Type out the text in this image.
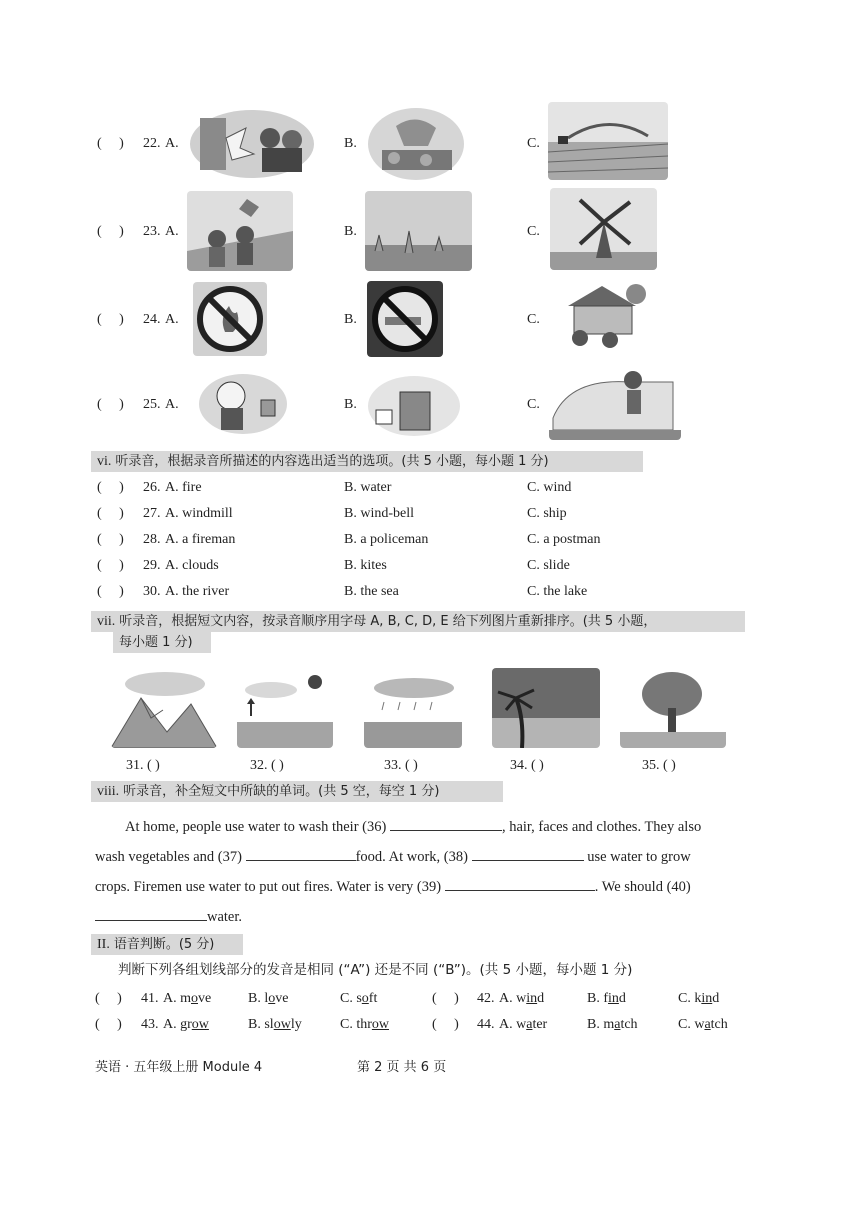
(     ) 22. A.	B.	C.
(     ) 23. A.	B.	C.
(     ) 24. A.	B.	C.
(     ) 25. A.	B.	C.
vi. 听录音，根据录音所描述的内容选出适当的选项。(共 5 小题，每小题 1 分)
(     ) 26. A. fire	B. water	C. wind
(     ) 27. A. windmill	B. wind-bell	C. ship
(     ) 28. A. a fireman	B. a policeman	C. a postman
(     ) 29. A. clouds	B. kites	C. slide
(     ) 30. A. the river	B. the sea	C. the lake
vii. 听录音，根据短文内容，按录音顺序用字母 A, B, C, D, E 给下列图片重新排序。(共 5 小题，
每小题 1 分)
31. ( )	32. ( )	33. ( )	34. ( )	35. ( )
viii. 听录音，补全短文中所缺的单词。(共 5 空，每空 1 分)
At home, people use water to wash their (36)	, hair, faces and clothes. They also
wash vegetables and (37)	food. At work, (38)	use water to grow
crops. Firemen use water to put out fires. Water is very (39)	. We should (40)
water.
II. 语音判断。(5 分)
判断下列各组划线部分的发音是相同 (“A”) 还是不同 (“B”)。(共 5 小题，每小题 1 分)
(     ) 41. A. move	B. love	C. soft	(     ) 42. A. wind	B. find	C. kind
(     ) 43. A. grow	B. slowly	C. throw	(     ) 44. A. water	B. match	C. watch
英语 · 五年级上册 Module 4	第 2 页 共 6 页
